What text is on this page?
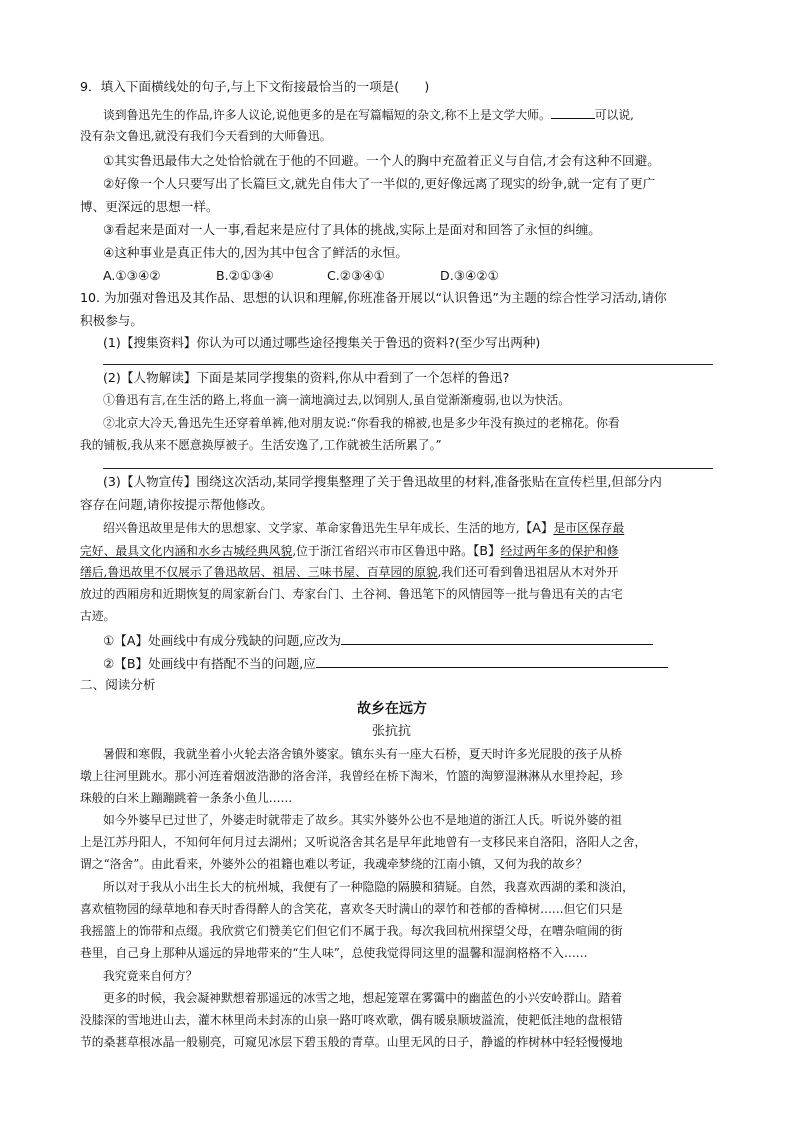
9．填入下面横线处的句子,与上下文衔接最恰当的一项是(　　)
谈到鲁迅先生的作品,许多人议论,说他更多的是在写篇幅短的杂文,称不上是文学大师。	可以说,
没有杂文鲁迅,就没有我们今天看到的大师鲁迅。
①其实鲁迅最伟大之处恰恰就在于他的不回避。一个人的胸中充盈着正义与自信,才会有这种不回避。
②好像一个人只要写出了长篇巨文,就先自伟大了一半似的,更好像远离了现实的纷争,就一定有了更广
博、更深远的思想一样。
③看起来是面对一人一事,看起来是应付了具体的挑战,实际上是面对和回答了永恒的纠缠。
④这种事业是真正伟大的,因为其中包含了鲜活的永恒。
A.①③④②	B.②①③④	C.②③④①	D.③④②①
10. 为加强对鲁迅及其作品、思想的认识和理解,你班准备开展以“认识鲁迅”为主题的综合性学习活动,请你
积极参与。
(1)【搜集资料】你认为可以通过哪些途径搜集关于鲁迅的资料?(至少写出两种)
(2)【人物解读】下面是某同学搜集的资料,你从中看到了一个怎样的鲁迅?
①鲁迅有言,在生活的路上,将血一滴一滴地滴过去,以饲别人,虽自觉渐渐瘦弱,也以为快活。
②北京大冷天,鲁迅先生还穿着单裤,他对朋友说:“你看我的棉被,也是多少年没有换过的老棉花。你看
我的铺板,我从来不愿意换厚被子。生活安逸了,工作就被生活所累了。”
(3)【人物宣传】围绕这次活动,某同学搜集整理了关于鲁迅故里的材料,准备张贴在宣传栏里,但部分内
容存在问题,请你按提示帮他修改。
绍兴鲁迅故里是伟大的思想家、文学家、革命家鲁迅先生早年成长、生活的地方,【A】是市区保存最
完好、最具文化内涵和水乡古城经典风貌,位于浙江省绍兴市市区鲁迅中路。【B】经过两年多的保护和修
缮后,鲁迅故里不仅展示了鲁迅故居、祖居、三味书屋、百草园的原貌,我们还可看到鲁迅祖居从木对外开
放过的西厢房和近期恢复的周家新台门、寿家台门、土谷祠、鲁迅笔下的风情园等一批与鲁迅有关的古宅
古迹。
①【A】处画线中有成分残缺的问题,应改为
②【B】处画线中有搭配不当的问题,应
二、阅读分析
故乡在远方
张抗抗
暑假和寒假，我就坐着小火轮去洛舍镇外婆家。镇东头有一座大石桥，夏天时许多光屁股的孩子从桥
墩上往河里跳水。那小河连着烟波浩渺的洛舍洋，我曾经在桥下淘米，竹篮的淘箩湿淋淋从水里拎起，珍
珠般的白米上蹦蹦跳着一条条小鱼儿……
如今外婆早已过世了，外婆走时就带走了故乡。其实外婆外公也不是地道的浙江人氏。听说外婆的祖
上是江苏丹阳人，不知何年何月过去湖州；又听说洛舍其名是早年此地曾有一支移民来自洛阳，洛阳人之舍，
谓之“洛舍”。由此看来，外婆外公的祖籍也难以考证，我魂牵梦绕的江南小镇，又何为我的故乡？
所以对于我从小出生长大的杭州城，我便有了一种隐隐的隔膜和猜疑。自然，我喜欢西湖的柔和淡泊，
喜欢植物园的绿草地和春天时香得醉人的含笑花，喜欢冬天时满山的翠竹和苍郁的香樟树……但它们只是
我摇篮上的饰带和点缀。我欣赏它们赞美它们但它们不属于我。每次我回杭州探望父母，在嘈杂喧闹的街
巷里，自己身上那种从遥远的异地带来的“生人味”，总使我觉得同这里的温馨和湿润格格不入……
我究竟来自何方？
更多的时候，我会凝神默想着那遥远的冰雪之地，想起笼罩在雾霭中的幽蓝色的小兴安岭群山。踏着
没膝深的雪地进山去，灌木林里尚未封冻的山泉一路叮咚欢歌，偶有暖泉顺坡溢流，使耙低洼地的盘根错
节的桑葚草根冰晶一般剔亮，可窥见冰层下碧玉般的青草。山里无风的日子，静谧的柞树林中轻轻慢慢地
